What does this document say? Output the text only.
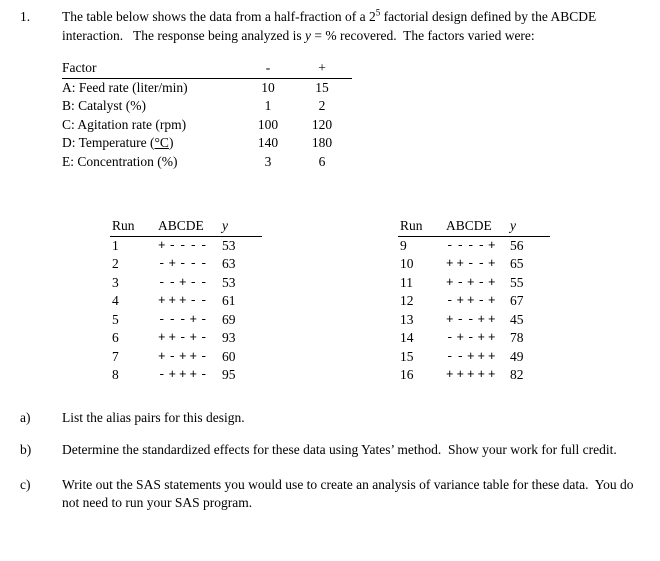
1.	The table below shows the data from a half-fraction of a $2^5$ factorial design defined by the ABCDE interaction.   The response being analyzed is y = % recovered.  The factors varied were:

Factor	-	+
A: Feed rate (liter/min)	10	15
B: Catalyst (%)	1	2
C: Agitation rate (rpm)	100	120
D: Temperature (°C)	140	180
E: Concentration (%)	3	6
Run	ABCDE	y
1	+---- 53
2	-+--- 63
3	--+-- 53
4	+++-- 61
5	---+- 69
6	++-+- 93
7	+-++- 60
8	-+++- 95
Run	ABCDE	y
9	----+ 56
10	++--+ 65
11	+-+-+ 55
12	-++-+ 67
13	+--++ 45
14	-+-++ 78
15	--+++ 49
16	+++++ 82
a)	List the alias pairs for this design.
b)	Determine the standardized effects for these data using Yates’ method.  Show your work for full credit.
c)	Write out the SAS statements you would use to create an analysis of variance table for these data.  You do not need to run your SAS program.
